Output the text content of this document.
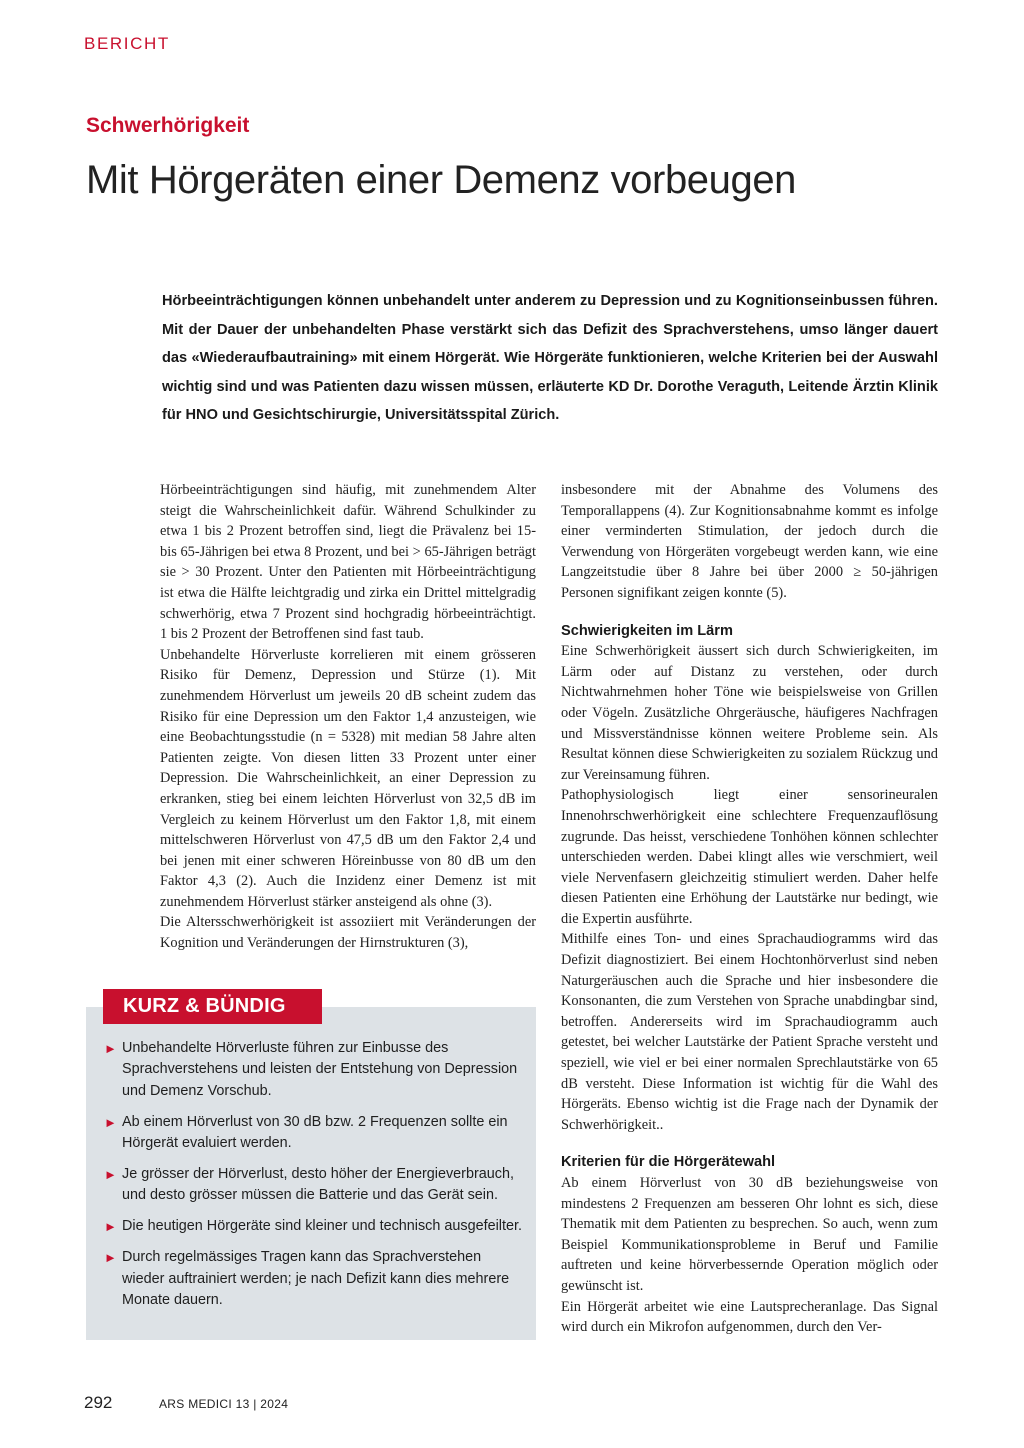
BERICHT
Schwerhörigkeit
Mit Hörgeräten einer Demenz vorbeugen

Hörbeeinträchtigungen können unbehandelt unter anderem zu Depression und zu Kognitionseinbussen führen. Mit der Dauer der unbehandelten Phase verstärkt sich das Defizit des Sprachverstehens, umso länger dauert das «Wiederaufbautraining» mit einem Hörgerät. Wie Hörgeräte funktionieren, welche Kriterien bei der Auswahl wichtig sind und was Patienten dazu wissen müssen, erläuterte KD Dr. Dorothe Veraguth, Leitende Ärztin Klinik für HNO und Gesichtschirurgie, Universitätsspital Zürich.

Hörbeeinträchtigungen sind häufig, mit zunehmendem Alter steigt die Wahrscheinlichkeit dafür. Während Schulkinder zu etwa 1 bis 2 Prozent betroffen sind, liegt die Prävalenz bei 15- bis 65-Jährigen bei etwa 8 Prozent, und bei > 65-Jährigen beträgt sie > 30 Prozent. Unter den Patienten mit Hörbeeinträchtigung ist etwa die Hälfte leichtgradig und zirka ein Drittel mittelgradig schwerhörig, etwa 7 Prozent sind hochgradig hörbeeinträchtigt. 1 bis 2 Prozent der Betroffenen sind fast taub.

Unbehandelte Hörverluste korrelieren mit einem grösseren Risiko für Demenz, Depression und Stürze (1). Mit zunehmendem Hörverlust um jeweils 20 dB scheint zudem das Risiko für eine Depression um den Faktor 1,4 anzusteigen, wie eine Beobachtungsstudie (n = 5328) mit median 58 Jahre alten Patienten zeigte. Von diesen litten 33 Prozent unter einer Depression. Die Wahrscheinlichkeit, an einer Depression zu erkranken, stieg bei einem leichten Hörverlust von 32,5 dB im Vergleich zu keinem Hörverlust um den Faktor 1,8, mit einem mittelschweren Hörverlust von 47,5 dB um den Faktor 2,4 und bei jenen mit einer schweren Höreinbusse von 80 dB um den Faktor 4,3 (2). Auch die Inzidenz einer Demenz ist mit zunehmendem Hörverlust stärker ansteigend als ohne (3).

Die Altersschwerhörigkeit ist assoziiert mit Veränderungen der Kognition und Veränderungen der Hirnstrukturen (3),

insbesondere mit der Abnahme des Volumens des Temporallappens (4). Zur Kognitionsabnahme kommt es infolge einer verminderten Stimulation, der jedoch durch die Verwendung von Hörgeräten vorgebeugt werden kann, wie eine Langzeitstudie über 8 Jahre bei über 2000 ≥ 50-jährigen Personen signifikant zeigen konnte (5).

Schwierigkeiten im Lärm

Eine Schwerhörigkeit äussert sich durch Schwierigkeiten, im Lärm oder auf Distanz zu verstehen, oder durch Nichtwahrnehmen hoher Töne wie beispielsweise von Grillen oder Vögeln. Zusätzliche Ohrgeräusche, häufigeres Nachfragen und Missverständnisse können weitere Probleme sein. Als Resultat können diese Schwierigkeiten zu sozialem Rückzug und zur Vereinsamung führen.

Pathophysiologisch liegt einer sensorineuralen Innenohrschwerhörigkeit eine schlechtere Frequenzauflösung zugrunde. Das heisst, verschiedene Tonhöhen können schlechter unterschieden werden. Dabei klingt alles wie verschmiert, weil viele Nervenfasern gleichzeitig stimuliert werden. Daher helfe diesen Patienten eine Erhöhung der Lautstärke nur bedingt, wie die Expertin ausführte.

Mithilfe eines Ton- und eines Sprachaudiogramms wird das Defizit diagnostiziert. Bei einem Hochtonhörverlust sind neben Naturgeräuschen auch die Sprache und hier insbesondere die Konsonanten, die zum Verstehen von Sprache unabdingbar sind, betroffen. Andererseits wird im Sprachaudiogramm auch getestet, bei welcher Lautstärke der Patient Sprache versteht und speziell, wie viel er bei einer normalen Sprechlautstärke von 65 dB versteht. Diese Information ist wichtig für die Wahl des Hörgeräts. Ebenso wichtig ist die Frage nach der Dynamik der Schwerhörigkeit..

Kriterien für die Hörgerätewahl

Ab einem Hörverlust von 30 dB beziehungsweise von mindestens 2 Frequenzen am besseren Ohr lohnt es sich, diese Thematik mit dem Patienten zu besprechen. So auch, wenn zum Beispiel Kommunikationsprobleme in Beruf und Familie auftreten und keine hörverbessernde Operation möglich oder gewünscht ist.

Ein Hörgerät arbeitet wie eine Lautsprecheranlage. Das Signal wird durch ein Mikrofon aufgenommen, durch den Ver-

KURZ & BÜNDIG
► Unbehandelte Hörverluste führen zur Einbusse des Sprachverstehens und leisten der Entstehung von Depression und Demenz Vorschub.
► Ab einem Hörverlust von 30 dB bzw. 2 Frequenzen sollte ein Hörgerät evaluiert werden.
► Je grösser der Hörverlust, desto höher der Energieverbrauch, und desto grösser müssen die Batterie und das Gerät sein.
► Die heutigen Hörgeräte sind kleiner und technisch ausgefeilter.
► Durch regelmässiges Tragen kann das Sprachverstehen wieder auftrainiert werden; je nach Defizit kann dies mehrere Monate dauern.
292	ARS MEDICI 13 | 2024
